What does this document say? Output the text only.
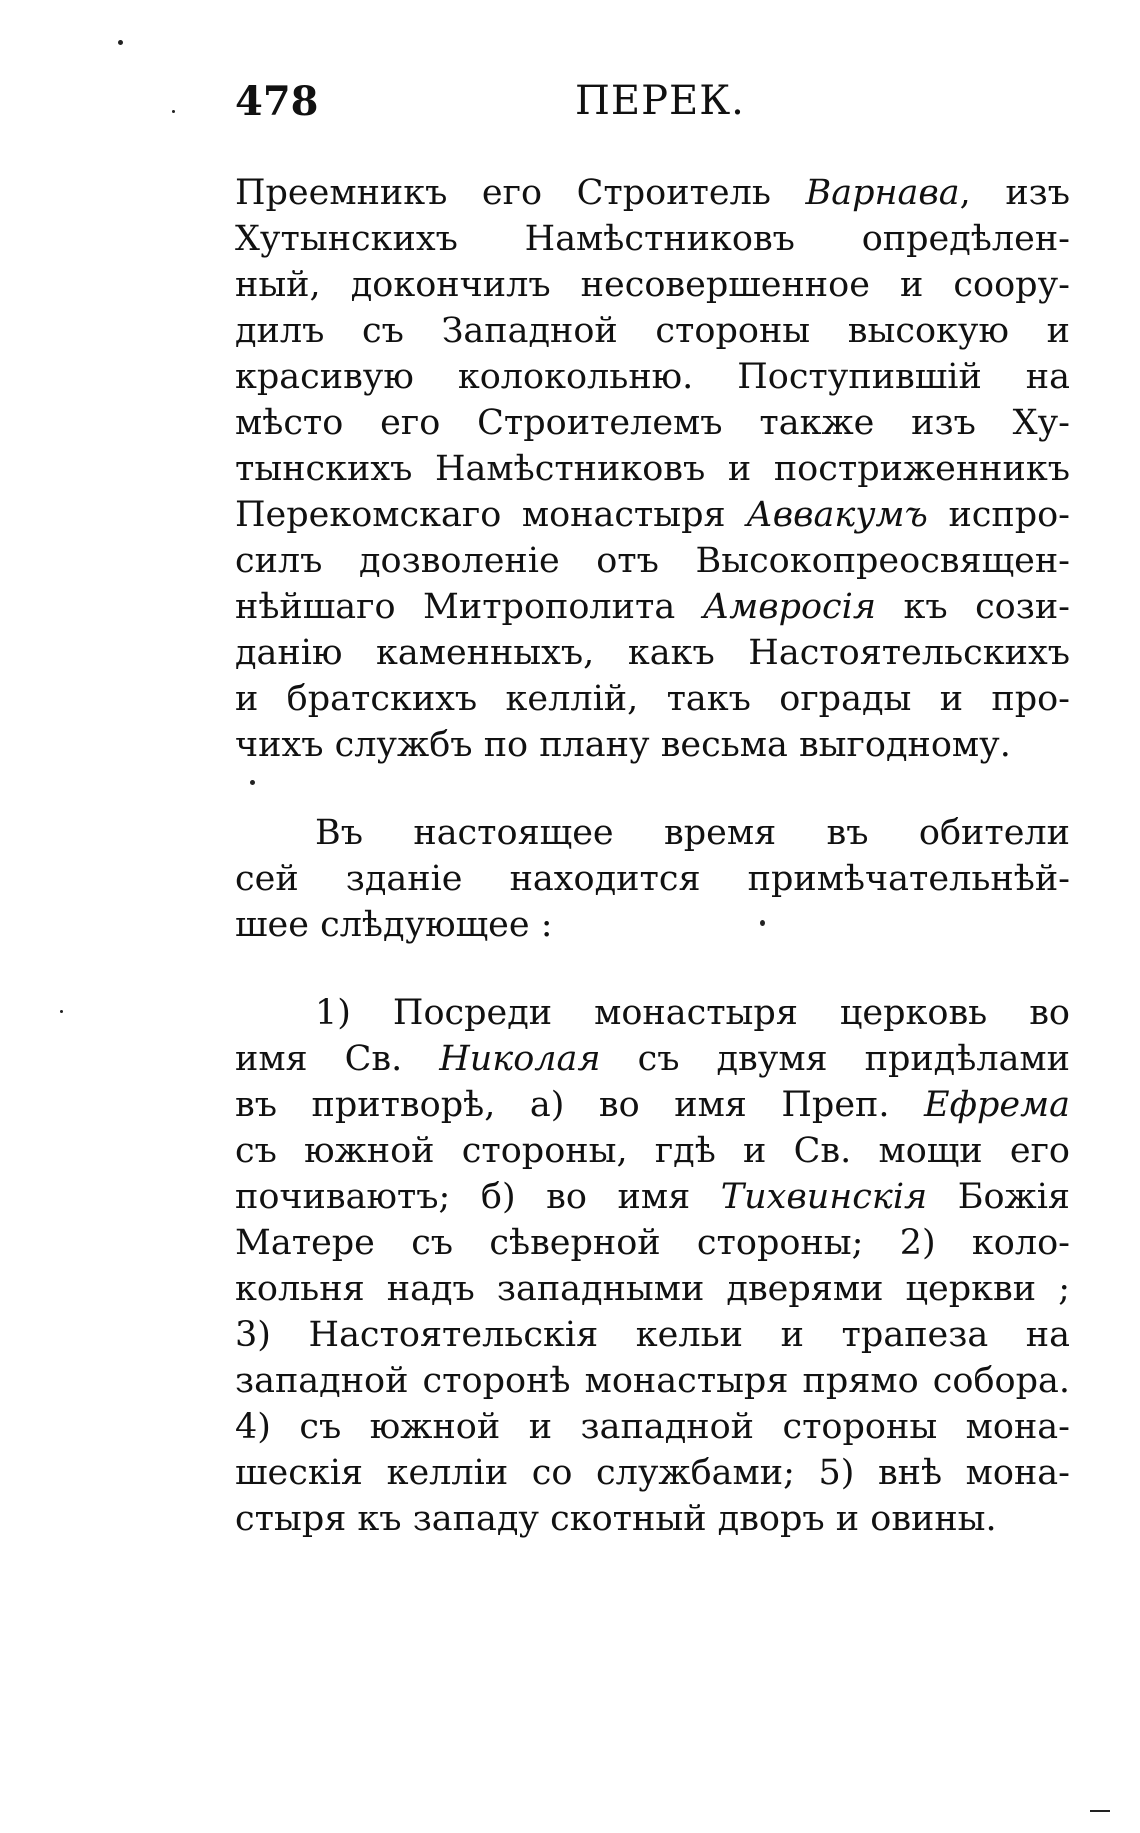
478	ПЕРЕК.
Преемникъ его Строитель Варнава, изъ
Хутынскихъ Намѣстниковъ опредѣлен-
ный, докончилъ несовершенное и соору-
дилъ съ Западной стороны высокую и
красивую колокольню. Поступившій на
мѣсто его Строителемъ также изъ Ху-
тынскихъ Намѣстниковъ и постриженникъ
Перекомскаго монастыря Аввакумъ испро-
силъ дозволеніе отъ Высокопреосвящен-
нѣйшаго Митрополита Амвросія къ сози-
данію каменныхъ, какъ Настоятельскихъ
и братскихъ келлій, такъ ограды и про-
чихъ службъ по плану весьма выгодному.
Въ настоящее время въ обители
сей зданіе находится примѣчательнѣй-
шее слѣдующее :
1) Посреди монастыря церковь во
имя Св. Николая съ двумя придѣлами
въ притворѣ, а) во имя Преп. Ефрема
съ южной стороны, гдѣ и Св. мощи его
почиваютъ; б) во имя Тихвинскія Божія
Матере съ сѣверной стороны; 2) коло-
кольня надъ западными дверями церкви ;
3) Настоятельскія кельи и трапеза на
западной сторонѣ монастыря прямо собора.
4) съ южной и западной стороны мона-
шескія келліи со службами; 5) внѣ мона-
стыря къ западу скотный дворъ и овины.
